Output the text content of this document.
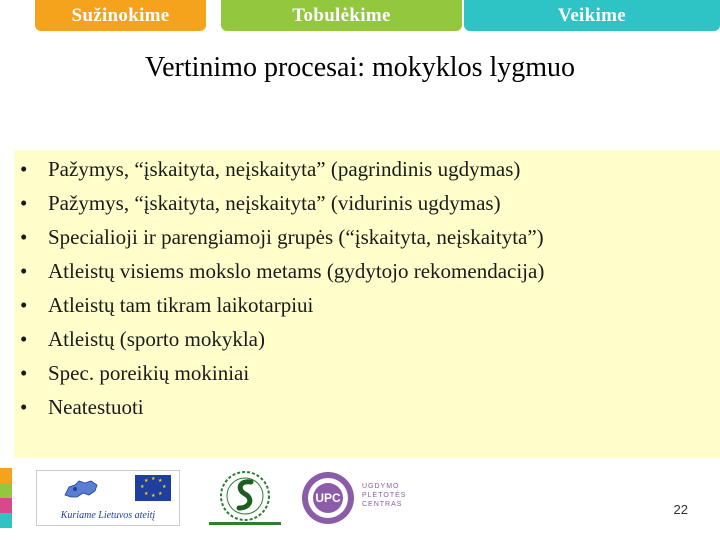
Sužinokime	Tobulėkime	Veikime
Vertinimo procesai: mokyklos lygmuo
• Pažymys, “įskaityta, neįskaityta” (pagrindinis ugdymas)
• Pažymys, “įskaityta, neįskaityta” (vidurinis ugdymas)
• Specialioji ir parengiamoji grupės (“įskaityta, neįskaityta”)
• Atleistų visiems mokslo metams (gydytojo rekomendacija)
• Atleistų tam tikram laikotarpiui
• Atleistų (sporto mokykla)
• Spec. poreikių mokiniai
• Neatestuoti
★ ★
★
★
★
★
★
★
Kuriame Lietuvos ateitį
UPC
UGDYMO
PLĖTOTĖS
CENTRAS	22
